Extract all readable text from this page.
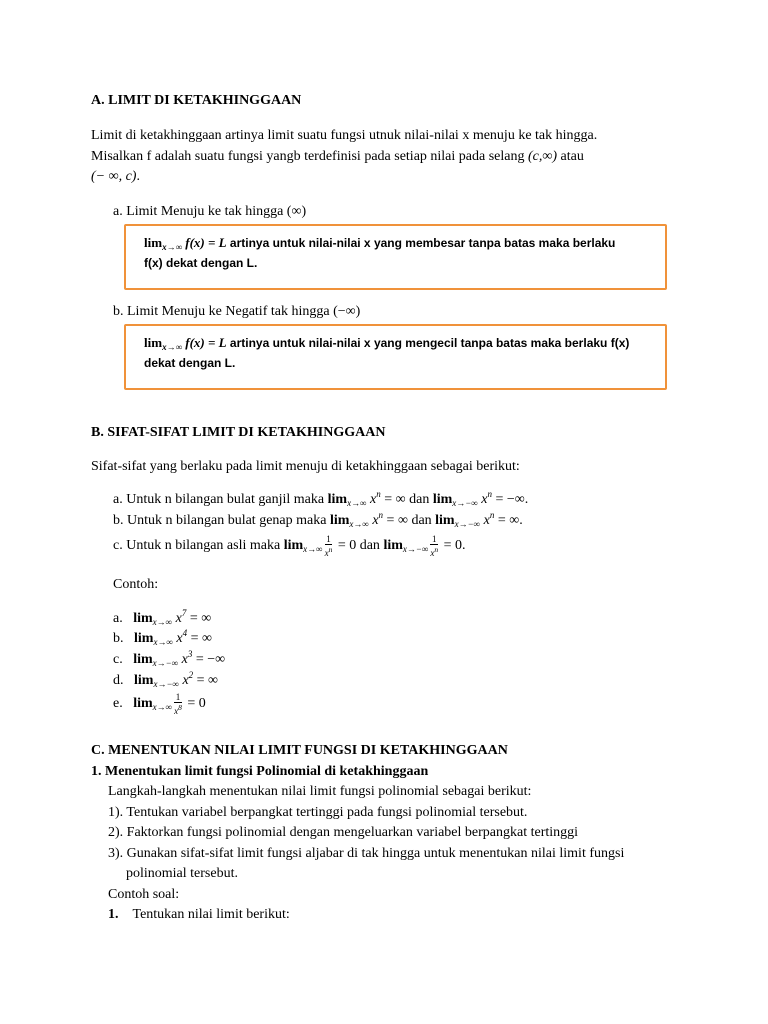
A. LIMIT DI KETAKHINGGAAN
Limit di ketakhinggaan artinya limit suatu fungsi utnuk nilai-nilai x menuju ke tak hingga.
Misalkan f adalah suatu fungsi yangb terdefinisi pada setiap nilai pada selang (c,∞) atau
(− ∞, c).
a. Limit Menuju ke tak hingga (∞)
$\lim_{x\to\infty} f(x) = L$ artinya untuk nilai-nilai x yang membesar tanpa batas maka berlaku
f(x) dekat dengan L.
b. Limit Menuju ke Negatif tak hingga (−∞)
$\lim_{x\to\infty} f(x) = L$ artinya untuk nilai-nilai x yang mengecil tanpa batas maka berlaku f(x)
dekat dengan L.
B. SIFAT-SIFAT LIMIT DI KETAKHINGGAAN
Sifat-sifat yang berlaku pada limit menuju di ketakhinggaan sebagai berikut:
a. Untuk n bilangan bulat ganjil maka $\lim_{x\to\infty} x^n$ = ∞ dan $\lim_{x\to-\infty} x^n$ = −∞.
b. Untuk n bilangan bulat genap maka $\lim_{x\to\infty} x^n$ = ∞ dan $\lim_{x\to-\infty} x^n$ = ∞.
c. Untuk n bilangan asli maka $\lim_{x\to\infty} \frac{1}{x^n} = 0$ dan $\lim_{x\to-\infty} \frac{1}{x^n} = 0$.
Contoh:
a. $\lim_{x\to\infty} x^7$ = ∞
b. $\lim_{x\to\infty} x^4$ = ∞
c. $\lim_{x\to-\infty} x^3$ = −∞
d. $\lim_{x\to-\infty} x^2$ = ∞
e. $\lim_{x\to\infty} \frac{1}{x^8} = 0$
C. MENENTUKAN NILAI LIMIT FUNGSI DI KETAKHINGGAAN
1. Menentukan limit fungsi Polinomial di ketakhinggaan
Langkah-langkah menentukan nilai limit fungsi polinomial sebagai berikut:
1). Tentukan variabel berpangkat tertinggi pada fungsi polinomial tersebut.
2). Faktorkan fungsi polinomial dengan mengeluarkan variabel berpangkat tertinggi
3). Gunakan sifat-sifat limit fungsi aljabar di tak hingga untuk menentukan nilai limit fungsi
polinomial tersebut.
Contoh soal:
1. Tentukan nilai limit berikut:
